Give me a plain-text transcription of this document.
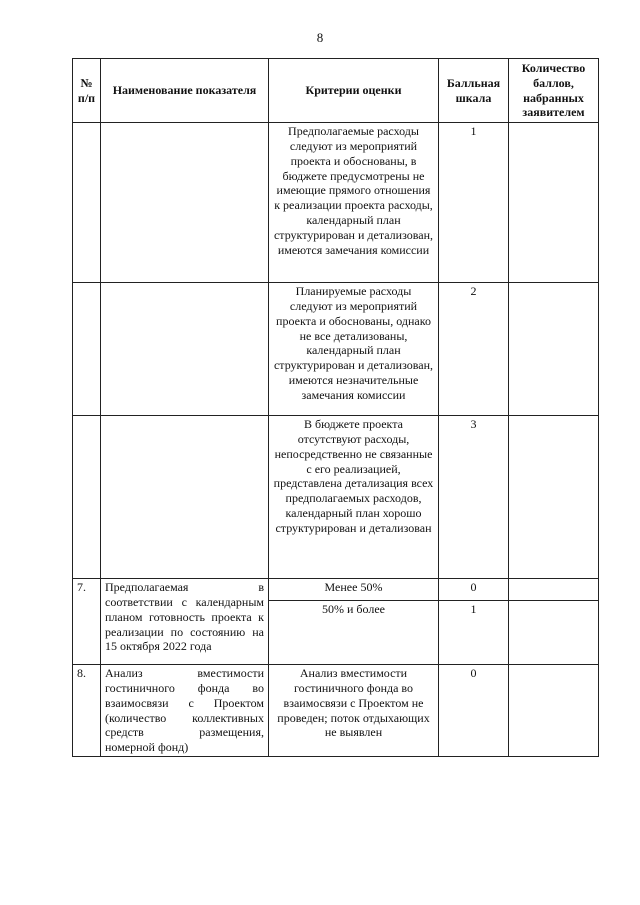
8
№ п/п	Наименование показателя	Критерии оценки	Балльная шкала	Количество баллов, набранных заявителем
		Предполагаемые расходы следуют из мероприятий проекта и обоснованы, в бюджете предусмотрены не имеющие прямого отношения к реализации проекта расходы, календарный план структурирован и детализован, имеются замечания комиссии	1	
		Планируемые расходы следуют из мероприятий проекта и обоснованы, однако не все детализованы, календарный план структурирован и детализован, имеются незначительные замечания комиссии	2	
		В бюджете проекта отсутствуют расходы, непосредственно не связанные с его реализацией, представлена детализация всех предполагаемых расходов, календарный план хорошо структурирован и детализован	3	
7.	Предполагаемая в соответствии с календарным планом готовность проекта к реализации по состоянию на 15 октября 2022 года	Менее 50%	0	
		50% и более	1	
8.	Анализ вместимости гостиничного фонда во взаимосвязи с Проектом (количество коллективных средств размещения, номерной фонд)	Анализ вместимости гостиничного фонда во взаимосвязи с Проектом не проведен; поток отдыхающих не выявлен	0	
